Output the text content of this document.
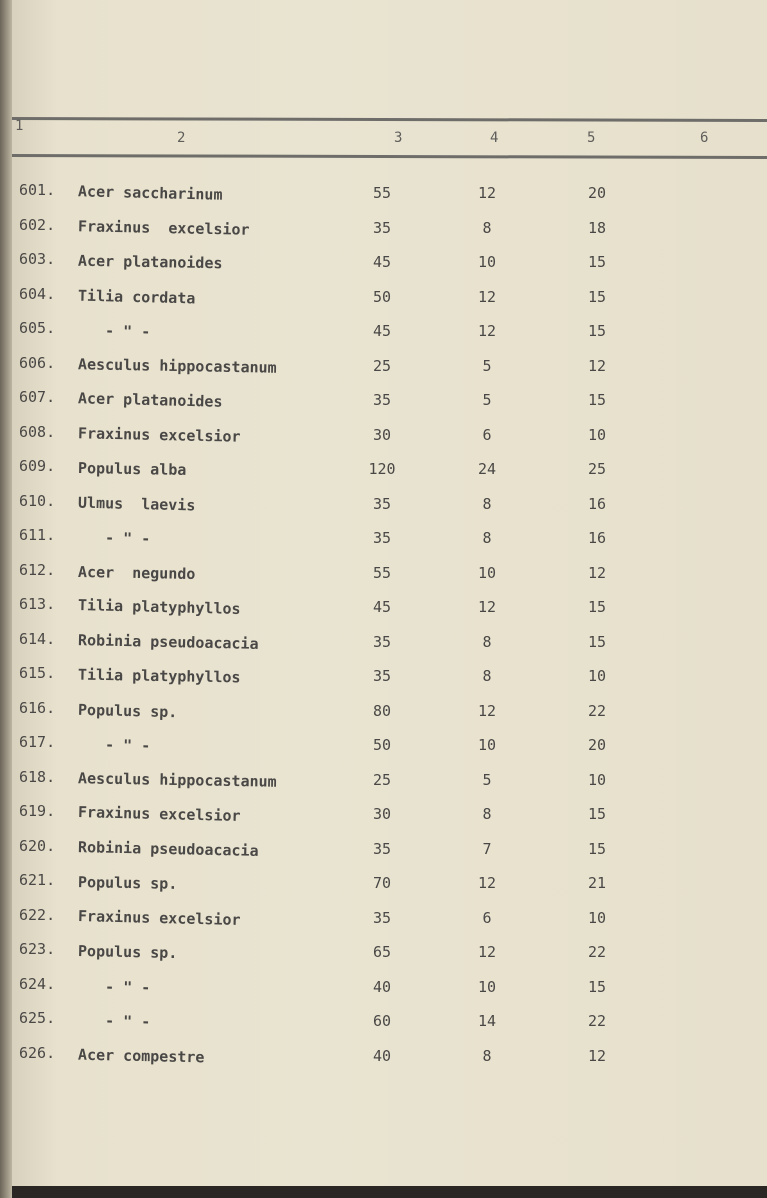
1
2	3	4	5	6
601. Acer saccharinum	55	12	20
602. Fraxinus  excelsior	35	8	18
603. Acer platanoides	45	10	15
604. Tilia cordata	50	12	15
605. - " -	45	12	15
606. Aesculus hippocastanum	25	5	12
607. Acer platanoides	35	5	15
608. Fraxinus excelsior	30	6	10
609. Populus alba	120	24	25
610. Ulmus  laevis	35	8	16
611. - " -	35	8	16
612. Acer  negundo	55	10	12
613. Tilia platyphyllos	45	12	15
614. Robinia pseudoacacia	35	8	15
615. Tilia platyphyllos	35	8	10
616. Populus sp.	80	12	22
617. - " -	50	10	20
618. Aesculus hippocastanum	25	5	10
619. Fraxinus excelsior	30	8	15
620. Robinia pseudoacacia	35	7	15
621. Populus sp.	70	12	21
622. Fraxinus excelsior	35	6	10
623. Populus sp.	65	12	22
624. - " -	40	10	15
625. - " -	60	14	22
626. Acer compestre	40	8	12
